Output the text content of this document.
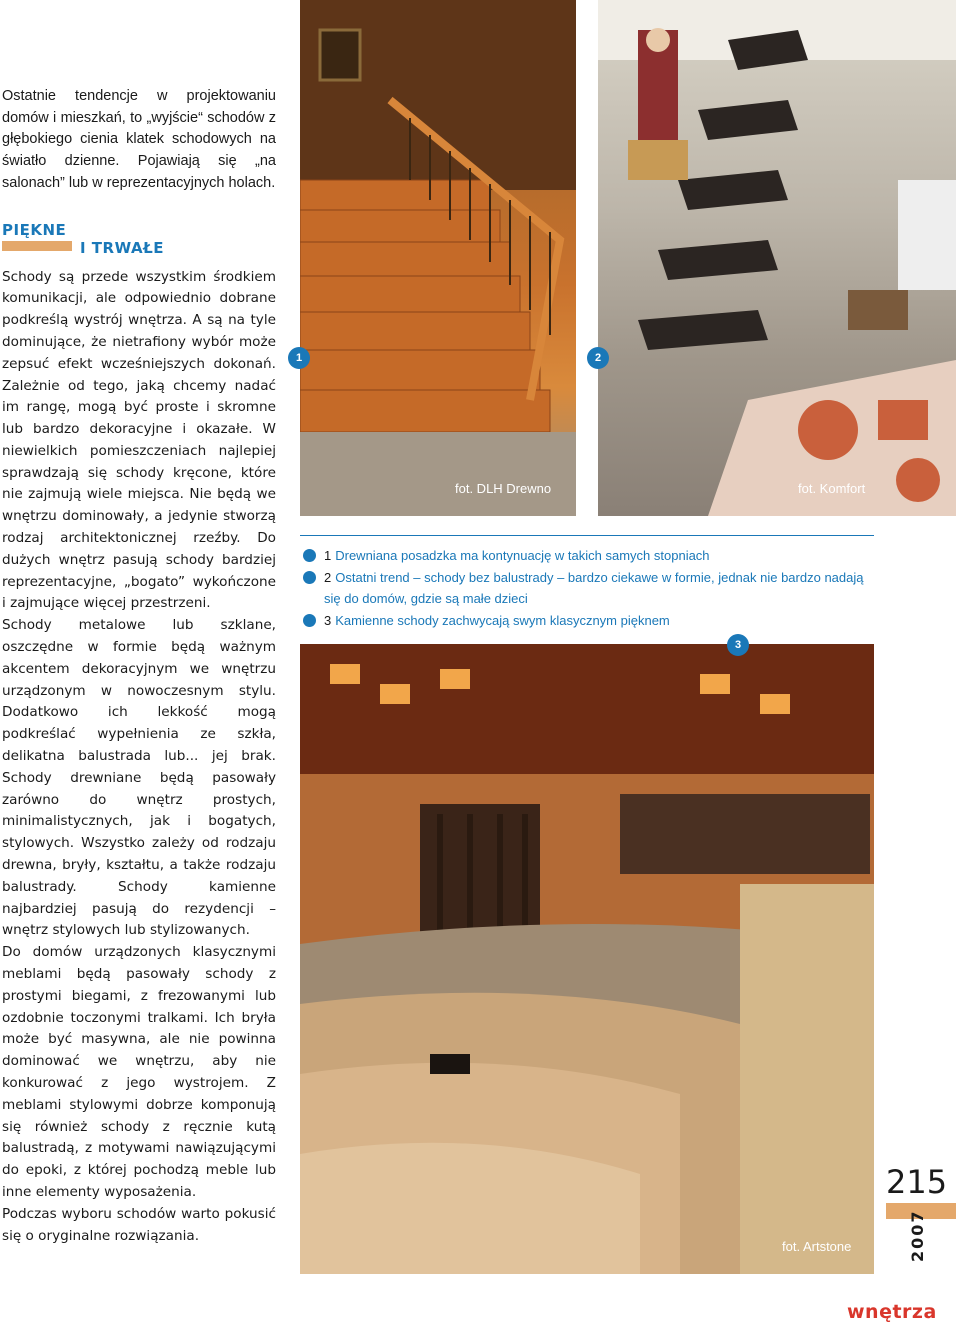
Ostatnie tendencje w projektowaniu domów i mieszkań, to „wyjście“ schodów z głębokiego cienia klatek schodowych na światło dzienne. Pojawiają się „na salonach” lub w reprezentacyjnych holach.

PIĘKNE
I TRWAŁE

Schody są przede wszystkim środkiem komunikacji, ale odpowiednio dobrane podkreślą wystrój wnętrza. A są na tyle dominujące, że nietrafiony wybór może zepsuć efekt wcześniejszych dokonań. Zależnie od tego, jaką chcemy nadać im rangę, mogą być proste i skromne lub bardzo dekoracyjne i okazałe. W niewielkich pomieszczeniach najlepiej sprawdzają się schody kręcone, które nie zajmują wiele miejsca. Nie będą we wnętrzu dominowały, a jedynie stworzą rodzaj architektonicznej rzeźby. Do dużych wnętrz pasują schody bardziej reprezentacyjne, „bogato” wykończone i zajmujące więcej przestrzeni.

Schody metalowe lub szklane, oszczędne w formie będą ważnym akcentem dekoracyjnym we wnętrzu urządzonym w nowoczesnym stylu. Dodatkowo ich lekkość mogą podkreślać wypełnienia ze szkła, delikatna balustrada lub... jej brak. Schody drewniane będą pasowały zarówno do wnętrz prostych, minimalistycznych, jak i bogatych, stylowych. Wszystko zależy od rodzaju drewna, bryły, kształtu, a także rodzaju balustrady. Schody kamienne najbardziej pasują do rezydencji – wnętrz stylowych lub stylizowanych.

Do domów urządzonych klasycznymi meblami będą pasowały schody z prostymi biegami, z frezowanymi lub ozdobnie toczonymi tralkami. Ich bryła może być masywna, ale nie powinna dominować we wnętrzu, aby nie konkurować z jego wystrojem. Z meblami stylowymi dobrze komponują się również schody z ręcznie kutą balustradą, z motywami nawiązującymi do epoki, z której pochodzą meble lub inne elementy wyposażenia.

Podczas wyboru schodów warto pokusić się o oryginalne rozwiązania.

1
fot. DLH Drewno
2
fot. Komfort
1 Drewniana posadzka ma kontynuację w takich samych stopniach
2 Ostatni trend – schody bez balustrady – bardzo ciekawe w formie, jednak nie bardzo nadają się do domów, gdzie są małe dzieci
3 Kamienne schody zachwycają swym klasycznym pięknem
3
fot. Artstone
215
2007
wnętrza
